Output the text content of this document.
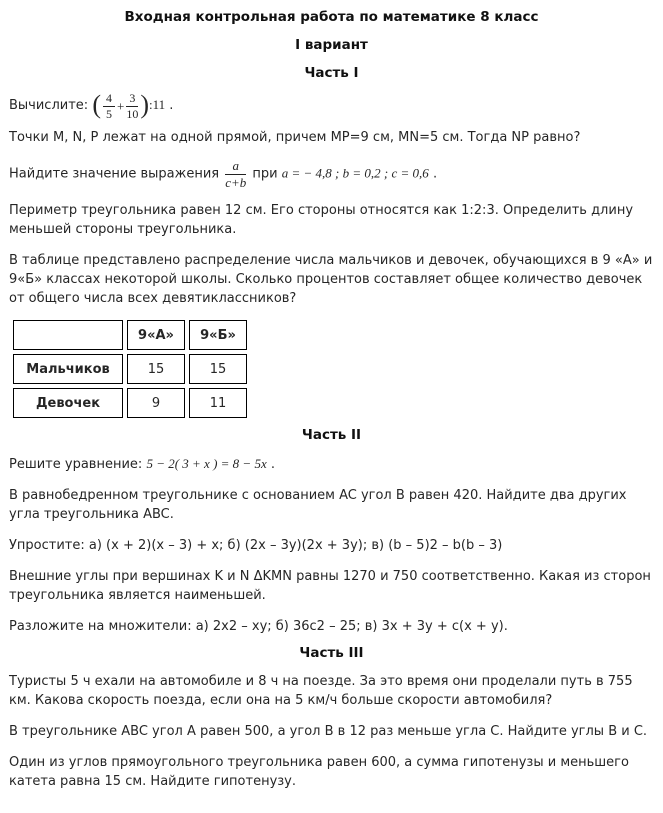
Входная контрольная работа по математике 8 класс
I вариант
Часть I

Вычислите: ( $\frac{4}{5} + \frac{3}{10}$ ):11 .

Точки M, N, P лежат на одной прямой, причем MP=9 см, MN=5 см. Тогда NP равно?

Найдите значение выражения $\frac{a}{c+b}$ при a = − 4,8 ; b = 0,2 ; c = 0,6 .

Периметр треугольника равен 12 см. Его стороны относятся как 1:2:3. Определить длину меньшей стороны треугольника.

В таблице представлено распределение числа мальчиков и девочек, обучающихся в 9 «А» и 9«Б» классах некоторой школы. Сколько процентов составляет общее количество девочек от общего числа всех девятиклассников?

	9«А»	9«Б»
Мальчиков	15	15
Девочек	9	11
Часть II

Решите уравнение: 5 − 2( 3 + x ) = 8 − 5x .

В равнобедренном треугольнике с основанием AC угол B равен 420. Найдите два других угла треугольника ABC.

Упростите: а) (x + 2)(x – 3) + x; б) (2x – 3y)(2x + 3y); в) (b – 5)2 – b(b – 3)

Внешние углы при вершинах K и N ΔKMN равны 1270 и 750 соответственно. Какая из сторон треугольника является наименьшей.

Разложите на множители: а) 2x2 – xy; б) 36c2 – 25; в) 3x + 3y + c(x + y).

Часть III

Туристы 5 ч ехали на автомобиле и 8 ч на поезде. За это время они проделали путь в 755 км. Какова скорость поезда, если она на 5 км/ч больше скорости автомобиля?

В треугольнике ABC угол A равен 500, а угол B в 12 раз меньше угла C. Найдите углы B и C.

Один из углов прямоугольного треугольника равен 600, а сумма гипотенузы и меньшего катета равна 15 см. Найдите гипотенузу.
